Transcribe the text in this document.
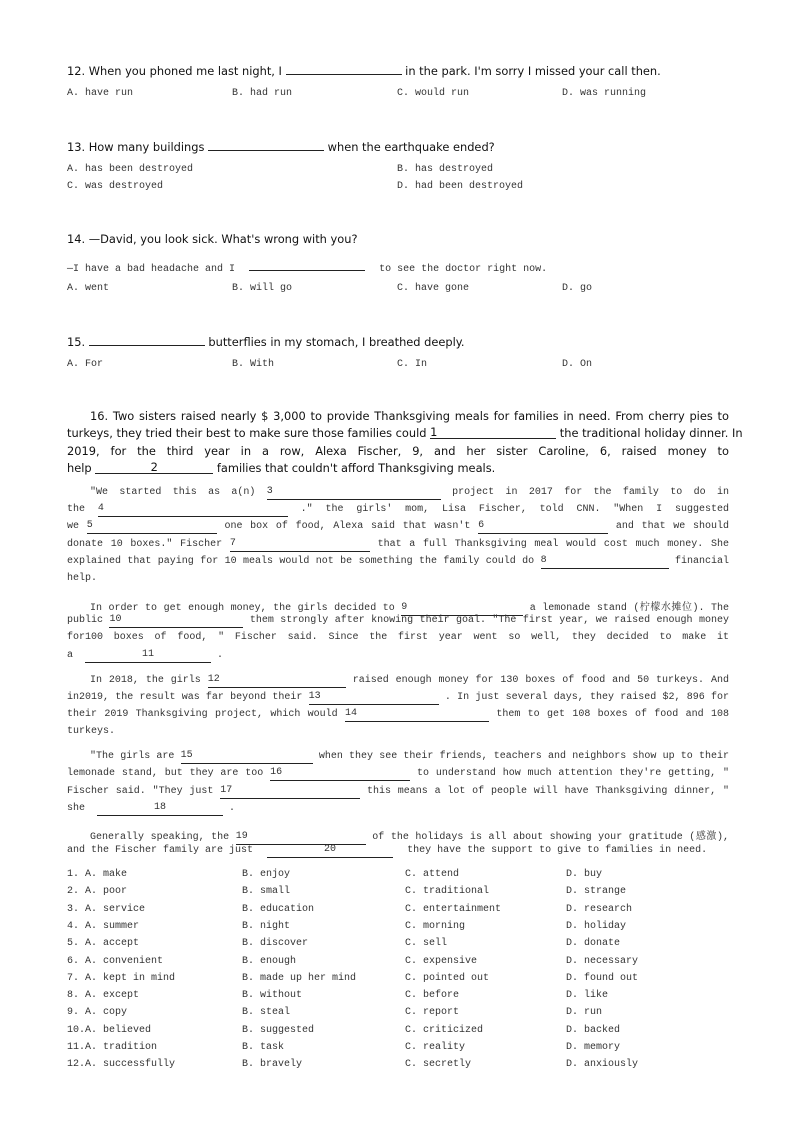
12. When you phoned me last night, I	in the park. I'm sorry I missed your call then.
A. have run	B. had run	C. would run	D. was running
13. How many buildings	when the earthquake ended?
A. has been destroyed	B. has destroyed
C. was destroyed	D. had been destroyed
14. —David, you look sick. What's wrong with you?
—I have a bad headache and I	to see the doctor right now.
A. went	B. will go	C. have gone	D. go
15.	butterflies in my stomach, I breathed deeply.
A. For	B. With	C. In	D. On
16. Two sisters raised nearly $ 3,000 to provide Thanksgiving meals for families in need. From cherry pies to
turkeys, they tried their best to make sure those families could 1	the traditional holiday dinner. In
2019, for the third year in a row, Alexa Fischer, 9, and her sister Caroline, 6, raised money to
help	2	families that couldn't afford Thanksgiving meals.
"We started this as a(n) 3	project in 2017 for the family to do in
the 4	." the girls' mom, Lisa Fischer, told CNN. "When I suggested
we 5	one box of food, Alexa said that wasn't 6	and that we should
donate 10 boxes." Fischer 7	that a full Thanksgiving meal would cost much money. She
explained that paying for 10 meals would not be something the family could do 8	financial
help.
In order to get enough money, the girls decided to 9	a lemonade stand (柠檬水摊位). The
public 10	them strongly after knowing their goal. "The first year, we raised enough money
for100 boxes of food, " Fischer said. Since the first year went so well, they decided to make it
a	11	.
In 2018, the girls 12	raised enough money for 130 boxes of food and 50 turkeys. And
in2019, the result was far beyond their 13	. In just several days, they raised $2, 896 for
their 2019 Thanksgiving project, which would 14	them to get 108 boxes of food and 108
turkeys.
"The girls are 15	when they see their friends, teachers and neighbors show up to their
lemonade stand, but they are too 16	to understand how much attention they're getting, "
Fischer said. "They just 17	this means a lot of people will have Thanksgiving dinner, "
she	18	.
Generally speaking, the 19	of the holidays is all about showing your gratitude (感激),
and the Fischer family are just	20	they have the support to give to families in need.
1. A. make	B. enjoy	C. attend	D. buy
2. A. poor	B. small	C. traditional	D. strange
3. A. service	B. education	C. entertainment	D. research
4. A. summer	B. night	C. morning	D. holiday
5. A. accept	B. discover	C. sell	D. donate
6. A. convenient	B. enough	C. expensive	D. necessary
7. A. kept in mind	B. made up her mind	C. pointed out	D. found out
8. A. except	B. without	C. before	D. like
9. A. copy	B. steal	C. report	D. run
10.A. believed	B. suggested	C. criticized	D. backed
11.A. tradition	B. task	C. reality	D. memory
12.A. successfully	B. bravely	C. secretly	D. anxiously
